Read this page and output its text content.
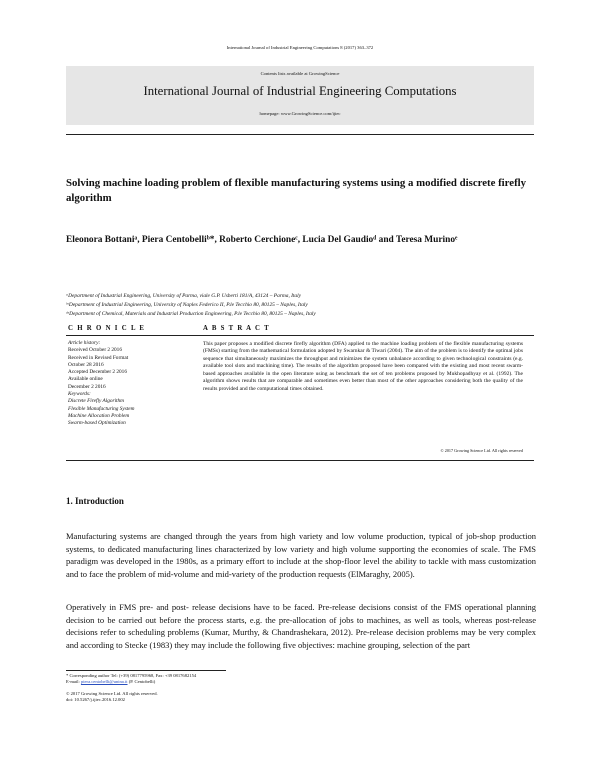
International Journal of Industrial Engineering Computations 8 (2017) 363–372
Contents lists available at GrowingScience
International Journal of Industrial Engineering Computations
homepage: www.GrowingScience.com/ijiec
Solving machine loading problem of flexible manufacturing systems using a modified discrete firefly algorithm
Eleonora Bottaniᵃ, Piera Centobelliᵇ*, Roberto Cerchioneᶜ, Lucia Del Gaudioᵈ and Teresa Murinoᵉ
ᵃDepartment of Industrial Engineering, University of Parma, viale G.P. Usberti 181/A, 43124 – Parma, Italy
ᵇᶜDepartment of Industrial Engineering, University of Naples Federico II, P.le Tecchio 80, 80125 – Naples, Italy
ᵈᵉDepartment of Chemical, Materials and Industrial Production Engineering, P.le Tecchio 80, 80125 – Naples, Italy
C H R O N I C L E	A B S T R A C T
Article history:
Received October 2 2016
Received in Revised Format
October 28 2016
Accepted December 2 2016
Available online
December 2 2016
Keywords:
Discrete Firefly Algorithm
Flexible Manufacturing System
Machine Allocation Problem
Swarm-based Optimization
This paper proposes a modified discrete firefly algorithm (DFA) applied to the machine loading problem of the flexible manufacturing systems (FMSs) starting from the mathematical formulation adopted by Swarnkar & Tiwari (2004). The aim of the problem is to identify the optimal jobs sequence that simultaneously maximizes the throughput and minimizes the system unbalance according to given technological constraints (e.g. available tool slots and machining time). The results of the algorithm proposed have been compared with the existing and most recent swarm-based approaches available in the open literature using as benchmark the set of ten problems proposed by Mukhopadhyay et al. (1992). The algorithm shows results that are comparable and sometimes even better than most of the other approaches considering both the quality of the results provided and the computational times obtained.
© 2017 Growing Science Ltd. All rights reserved
1. Introduction
Manufacturing systems are changed through the years from high variety and low volume production, typical of job-shop production systems, to dedicated manufacturing lines characterized by low variety and high volume supporting the economies of scale. The FMS paradigm was developed in the 1980s, as a primary effort to include at the shop-floor level the ability to tackle with mass customization and to face the problem of mid-volume and mid-variety of the production requests (ElMaraghy, 2005).
Operatively in FMS pre- and post- release decisions have to be faced. Pre-release decisions consist of the FMS operational planning decision to be carried out before the process starts, e.g. the pre-allocation of jobs to machines, as well as tools, whereas post-release decisions refer to scheduling problems (Kumar, Murthy, & Chandrashekara, 2012). Pre-release decision problems may be very complex and according to Stecke (1983) they may include the following five objectives: machine grouping, selection of the part
* Corresponding author Tel: (+39) 0817795968, Fax: +39 0817682154
E-mail: piera.centobelli@unina.it (P. Centobelli)
© 2017 Growing Science Ltd. All rights reserved.
doi: 10.5267/j.ijiec.2016.12.002
